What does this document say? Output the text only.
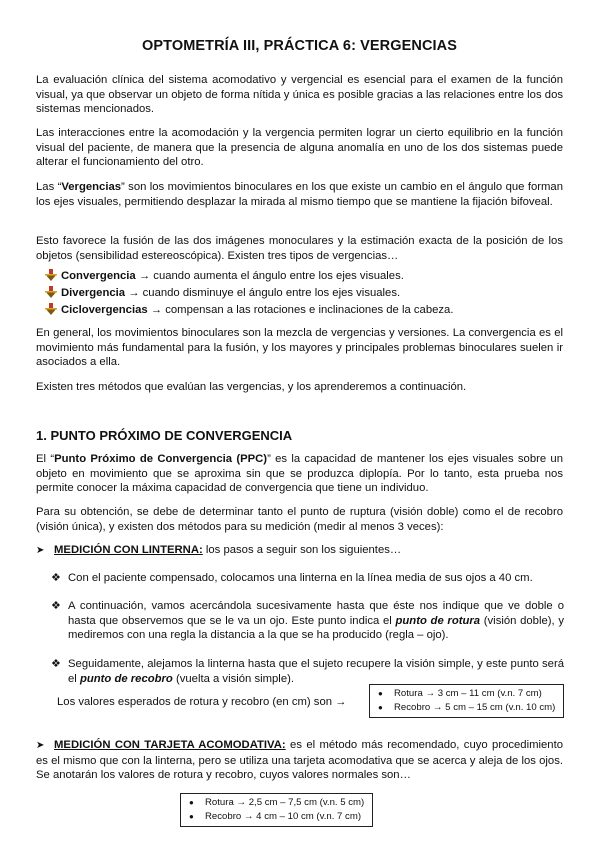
OPTOMETRÍA III, PRÁCTICA 6: VERGENCIAS

La evaluación clínica del sistema acomodativo y vergencial es esencial para el examen de la función visual, ya que observar un objeto de forma nítida y única es posible gracias a las relaciones entre los dos sistemas mencionados.

Las interacciones entre la acomodación y la vergencia permiten lograr un cierto equilibrio en la función visual del paciente, de manera que la presencia de alguna anomalía en uno de los dos sistemas puede alterar el funcionamiento del otro.

Las “Vergencias” son los movimientos binoculares en los que existe un cambio en el ángulo que forman los ejes visuales, permitiendo desplazar la mirada al mismo tiempo que se mantiene la fijación bifoveal.

Esto favorece la fusión de las dos imágenes monoculares y la estimación exacta de la posición de los objetos (sensibilidad estereoscópica). Existen tres tipos de vergencias…

Convergencia → cuando aumenta el ángulo entre los ejes visuales.
Divergencia → cuando disminuye el ángulo entre los ejes visuales.
Ciclovergencias → compensan a las rotaciones e inclinaciones de la cabeza.

En general, los movimientos binoculares son la mezcla de vergencias y versiones. La convergencia es el movimiento más fundamental para la fusión, y los mayores y principales problemas binoculares suelen ir asociados a ella.

Existen tres métodos que evalúan las vergencias, y los aprenderemos a continuación.

1. PUNTO PRÓXIMO DE CONVERGENCIA

El “Punto Próximo de Convergencia (PPC)” es la capacidad de mantener los ejes visuales sobre un objeto en movimiento que se aproxima sin que se produzca diplopía. Por lo tanto, esta prueba nos permite conocer la máxima capacidad de convergencia que tiene un individuo.

Para su obtención, se debe de determinar tanto el punto de ruptura (visión doble) como el de recobro (visión única), y existen dos métodos para su medición (medir al menos 3 veces):

➤ MEDICIÓN CON LINTERNA: los pasos a seguir son los siguientes…
❖ Con el paciente compensado, colocamos una linterna en la línea media de sus ojos a 40 cm.
❖ A continuación, vamos acercándola sucesivamente hasta que éste nos indique que ve doble o hasta que observemos que se le va un ojo. Este punto indica el punto de rotura (visión doble), y mediremos con una regla la distancia a la que se ha producido (regla – ojo).
❖ Seguidamente, alejamos la linterna hasta que el sujeto recupere la visión simple, y este punto será el punto de recobro (vuelta a visión simple).
Los valores esperados de rotura y recobro (en cm) son →
● Rotura → 3 cm – 11 cm (v.n. 7 cm)
● Recobro → 5 cm – 15 cm (v.n. 10 cm)
➤ MEDICIÓN CON TARJETA ACOMODATIVA: es el método más recomendado, cuyo procedimiento es el mismo que con la linterna, pero se utiliza una tarjeta acomodativa que se acerca y aleja de los ojos. Se anotarán los valores de rotura y recobro, cuyos valores normales son…
● Rotura → 2,5 cm – 7,5 cm (v.n. 5 cm)
● Recobro → 4 cm – 10 cm (v.n. 7 cm)
